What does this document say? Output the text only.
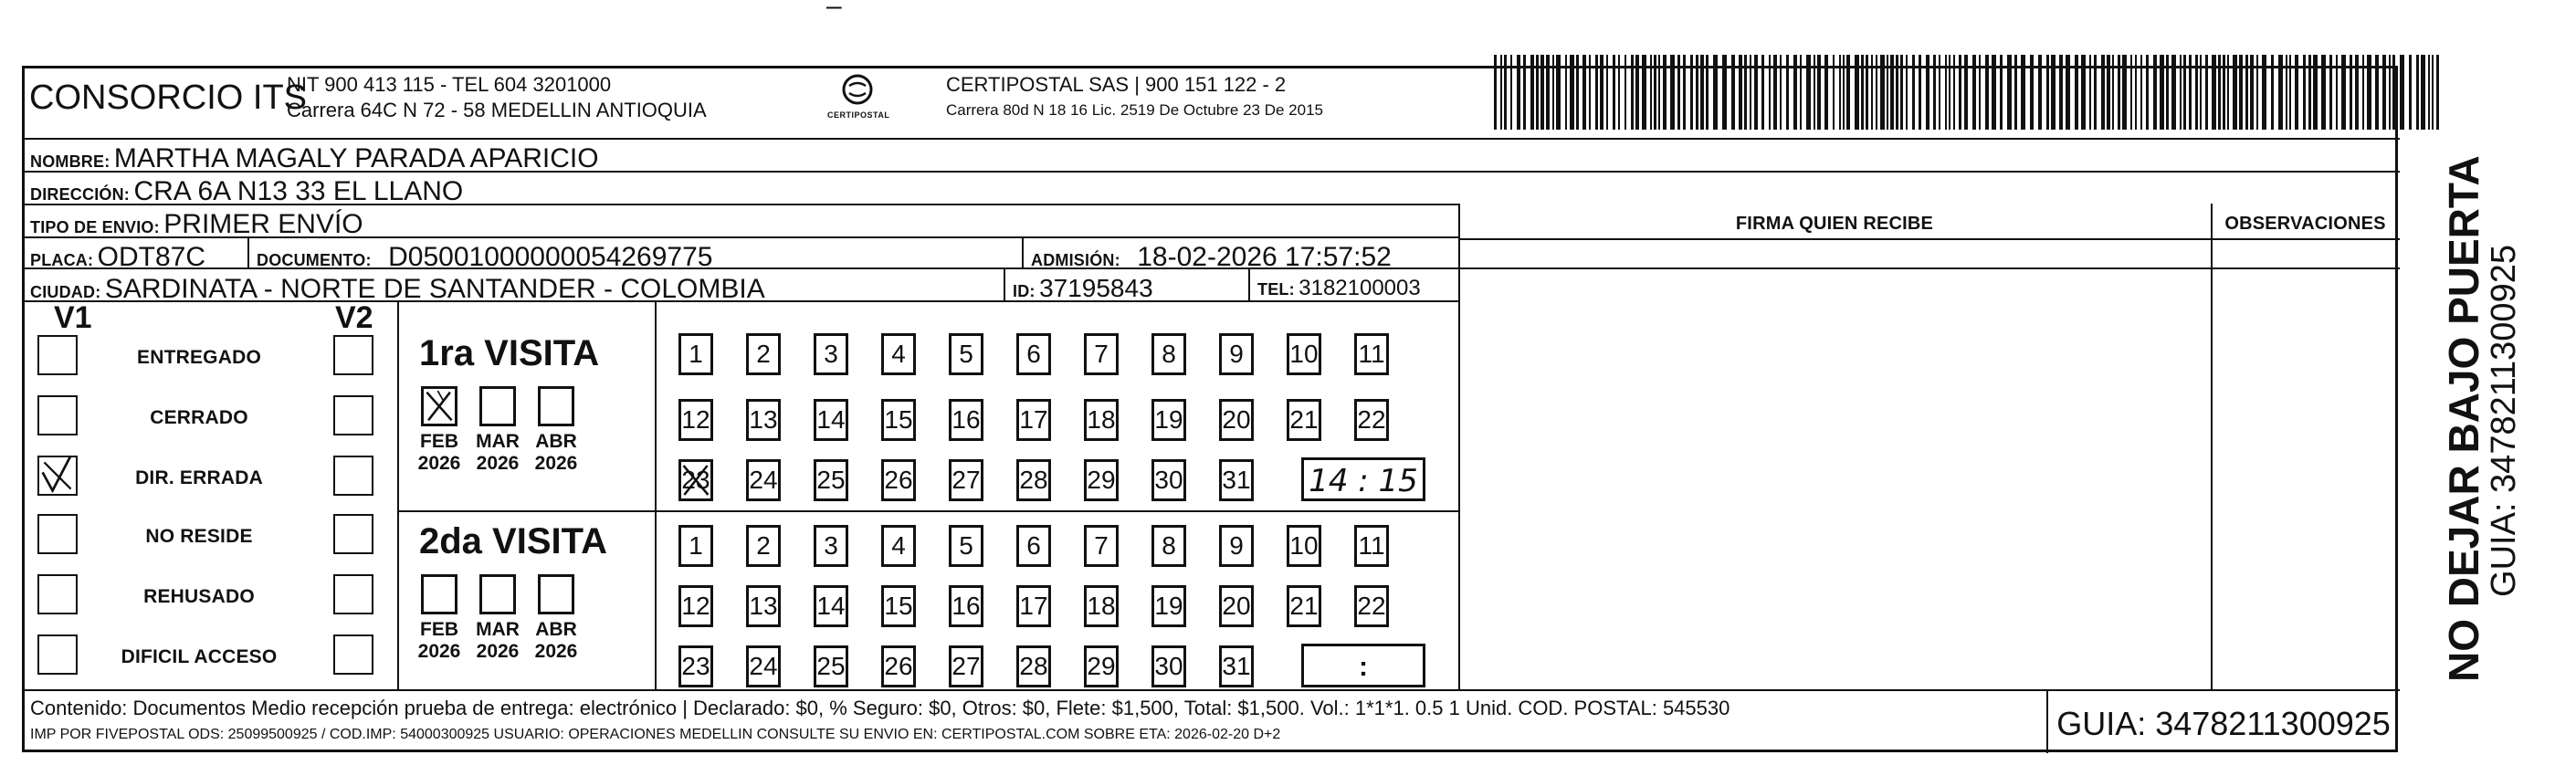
–
CONSORCIO ITS
NIT 900 413 115 - TEL 604 3201000
Carrera 64C N 72 - 58 MEDELLIN ANTIOQUIA	CERTIPOSTAL
CERTIPOSTAL SAS | 900 151 122 - 2
Carrera 80d N 18 16 Lic. 2519 De Octubre 23 De 2015
NOMBRE: MARTHA MAGALY PARADA APARICIO
DIRECCIÓN: CRA 6A N13 33 EL LLANO
TIPO DE ENVIO: PRIMER ENVÍO
PLACA: ODT87C	DOCUMENTO: D05001000000054269775	ADMISIÓN: 18-02-2026 17:57:52
CIUDAD: SARDINATA - NORTE DE SANTANDER - COLOMBIA	ID: 37195843	TEL: 3182100003
FIRMA QUIEN RECIBE	OBSERVACIONES
V1	V2
ENTREGADO
CERRADO
DIR. ERRADA
NO RESIDE
REHUSADO
DIFICIL ACCESO
1ra VISITA
FEB
2026
MAR
2026
ABR
2026
1 2 3 4 5 6 7 8 9 10 11
12 13 14 15 16 17 18 19 20 21 22
23 24 25 26 27 28 29 30 31 14 : 15
2da VISITA
FEB
2026
MAR
2026
ABR
2026
1 2 3 4 5 6 7 8 9 10 11
12 13 14 15 16 17 18 19 20 21 22
23 24 25 26 27 28 29 30 31	:
Contenido: Documentos Medio recepción prueba de entrega: electrónico | Declarado: $0, % Seguro: $0, Otros: $0, Flete: $1,500, Total: $1,500. Vol.: 1*1*1. 0.5 1 Unid. COD. POSTAL: 545530
IMP POR FIVEPOSTAL ODS: 25099500925 / COD.IMP: 54000300925 USUARIO: OPERACIONES MEDELLIN CONSULTE SU ENVIO EN: CERTIPOSTAL.COM SOBRE ETA: 2026-02-20 D+2	GUIA: 3478211300925
NO DEJAR BAJO PUERTA
GUIA: 3478211300925
